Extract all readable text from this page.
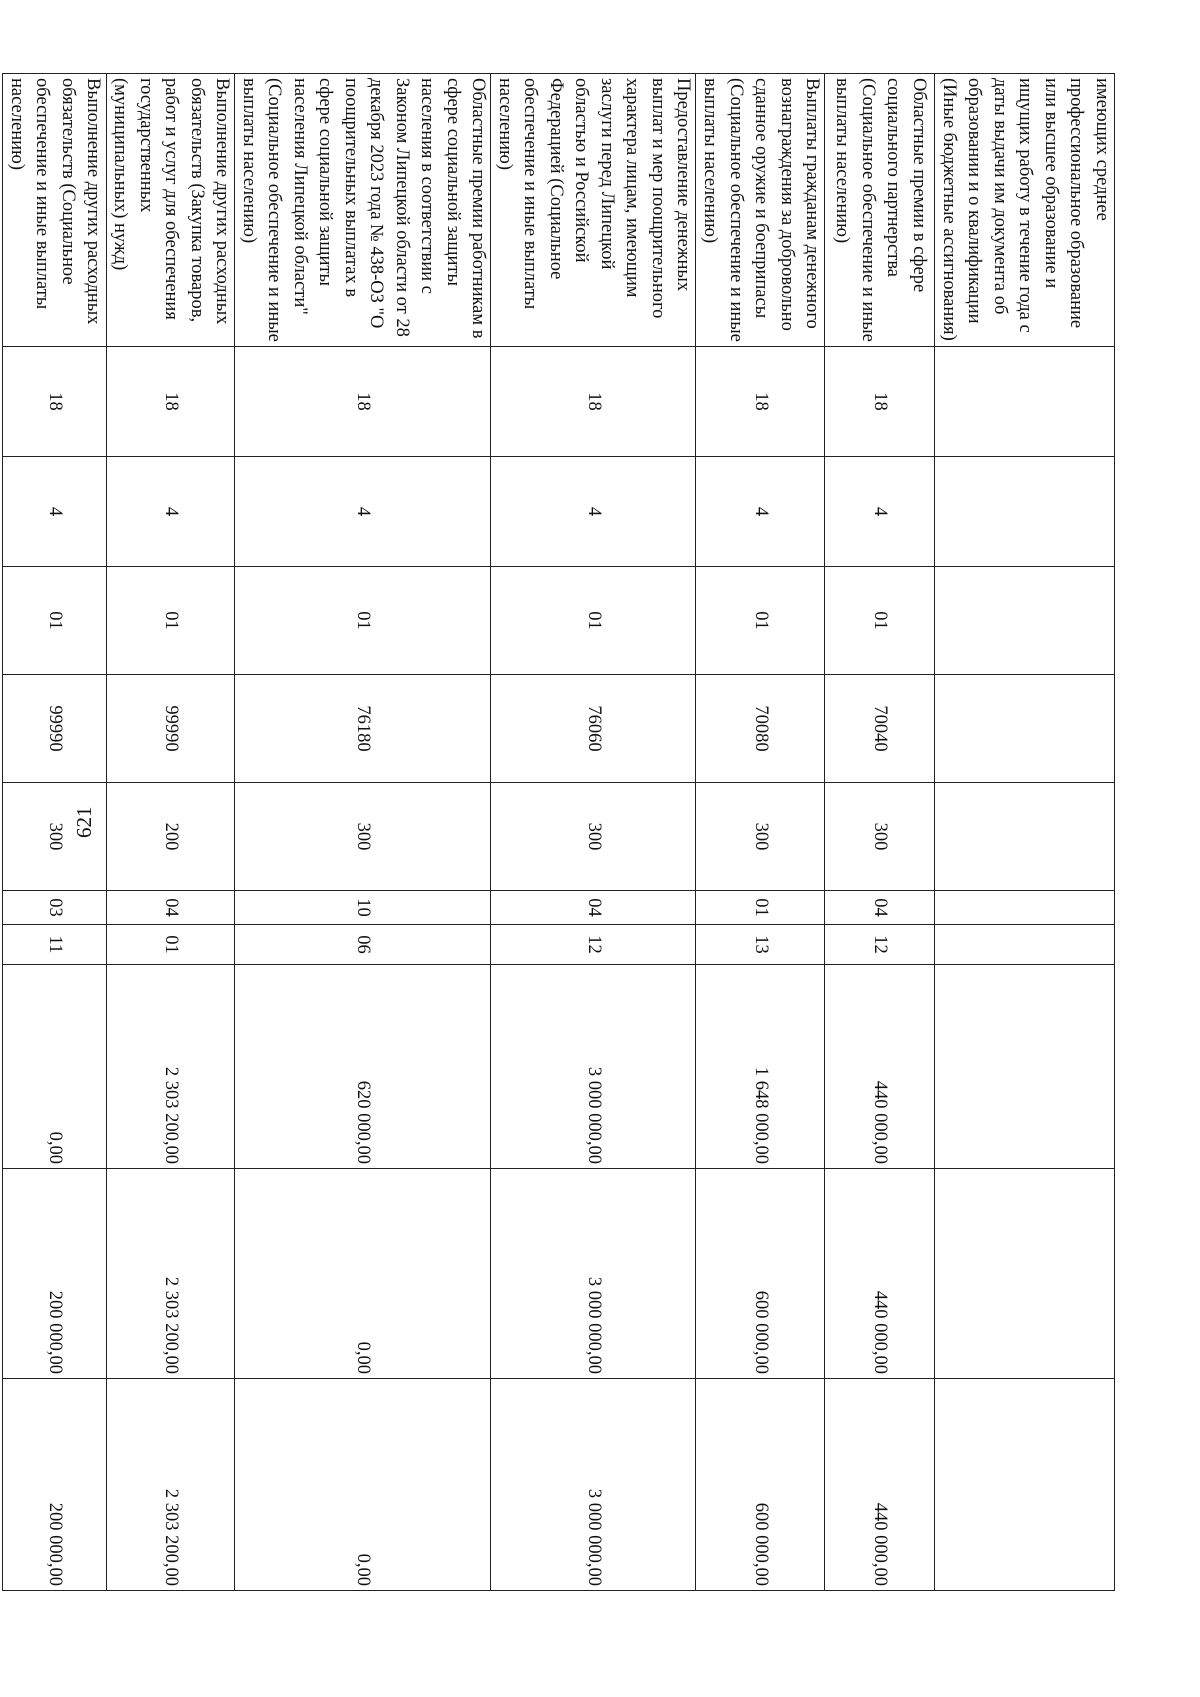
621
имеющих среднее профессиональное образование или высшее образование и ищущих работу в течение года с даты выдачи им документа об образовании и о квалификации (Иные бюджетные ассигнования)										
Областные премии в сфере социального партнерства (Социальное обеспечение и иные выплаты населению)	18	4	01	70040	300	04	12	440 000,00	440 000,00	440 000,00
Выплаты гражданам денежного вознаграждения за добровольно сданное оружие и боеприпасы (Социальное обеспечение и иные выплаты населению)	18	4	01	70080	300	01	13	1 648 000,00	600 000,00	600 000,00
Предоставление денежных выплат и мер поощрительного характера лицам, имеющим заслуги перед Липецкой областью и Российской Федерацией (Социальное обеспечение и иные выплаты населению)	18	4	01	76060	300	04	12	3 000 000,00	3 000 000,00	3 000 000,00
Областные премии работникам в сфере социальной защиты населения в соответствии с Законом Липецкой области от 28 декабря 2023 года № 438-ОЗ "О поощрительных выплатах в сфере социальной защиты населения Липецкой области" (Социальное обеспечение и иные выплаты населению)	18	4	01	76180	300	10	06	620 000,00	0,00	0,00
Выполнение других расходных обязательств (Закупка товаров, работ и услуг для обеспечения государственных (муниципальных) нужд)	18	4	01	99990	200	04	01	2 303 200,00	2 303 200,00	2 303 200,00
Выполнение других расходных обязательств (Социальное обеспечение и иные выплаты населению)	18	4	01	99990	300	03	11	0,00	200 000,00	200 000,00
